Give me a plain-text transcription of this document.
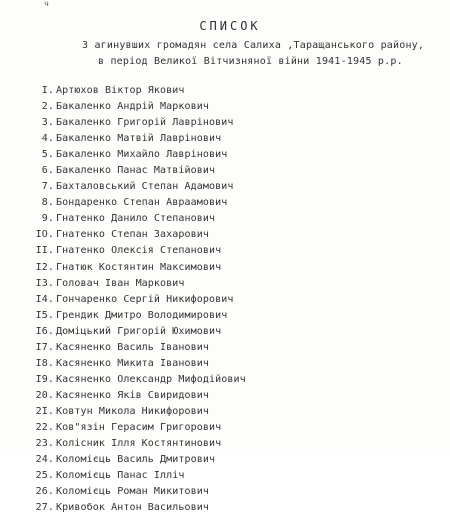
ч
СПИСОК
З агинувших громадян села Салиха ,Таращанського району,
в період Великої Вітчизняної війни 1941-1945 р.р.
I. Артюхов Віктор Якович
2. Бакаленко Андрій Маркович
3. Бакаленко Григорій Лаврінович
4. Бакаленко Матвій Лаврінович
5. Бакаленко Михайло Лаврінович
6. Бакаленко Панас Матвійович
7. Бахталовський Степан Адамович
8. Бондаренко Степан Авраамович
9. Гнатенко Данило Степанович
IO. Гнатенко Степан Захарович
II. Гнатенко Олексія Степанович
I2. Гнатюк Костянтин Максимович
I3. Головач Іван Маркович
I4. Гончаренко Сергій Никифорович
I5. Грендик Дмитро Володимирович
I6. Доміцький Григорій Юхимович
I7. Касяненко Василь Іванович
I8. Касяненко Микита Іванович
I9. Касяненко Олександр Мифодійович
20. Касяненко Яків Свиридович
2I. Ковтун Микола Никифорович
22. Ков"язін Герасим Григорович
23. Колісник Ілля Костянтинович
24. Коломієць Василь Дмитрович
25. Коломієць Панас Ілліч
26. Коломієць Роман Микитович
27. Кривобок Антон Васильович
